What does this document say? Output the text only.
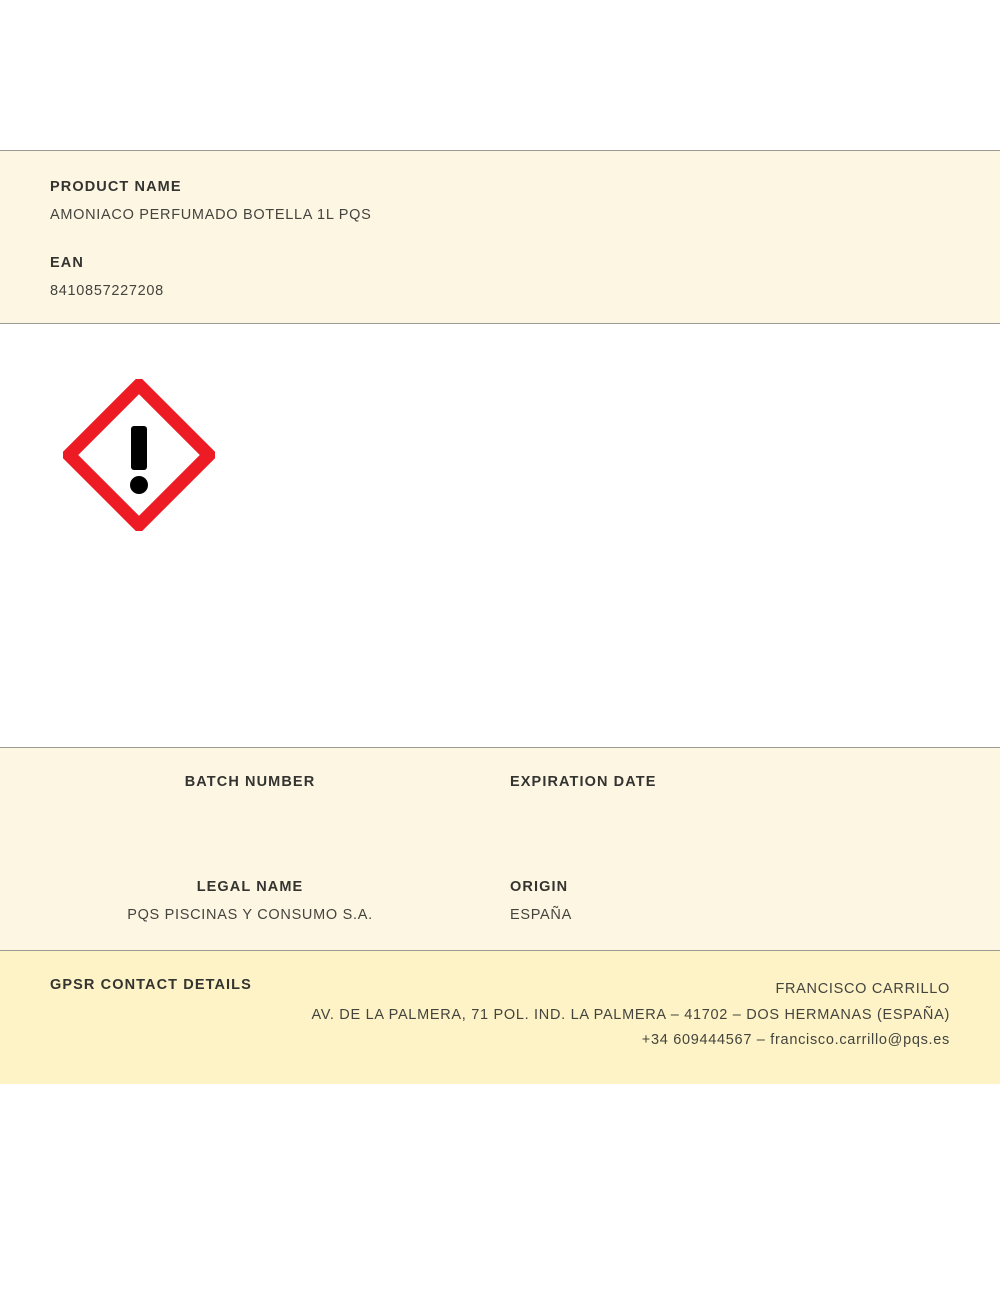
PRODUCT NAME
AMONIACO PERFUMADO BOTELLA 1L PQS
EAN
8410857227208
BATCH NUMBER	EXPIRATION DATE
LEGAL NAME
PQS PISCINAS Y CONSUMO S.A.
ORIGIN
ESPAÑA
GPSR CONTACT DETAILS	FRANCISCO CARRILLO
AV. DE LA PALMERA, 71 POL. IND. LA PALMERA – 41702 – DOS HERMANAS (ESPAÑA)
+34 609444567 – francisco.carrillo@pqs.es
